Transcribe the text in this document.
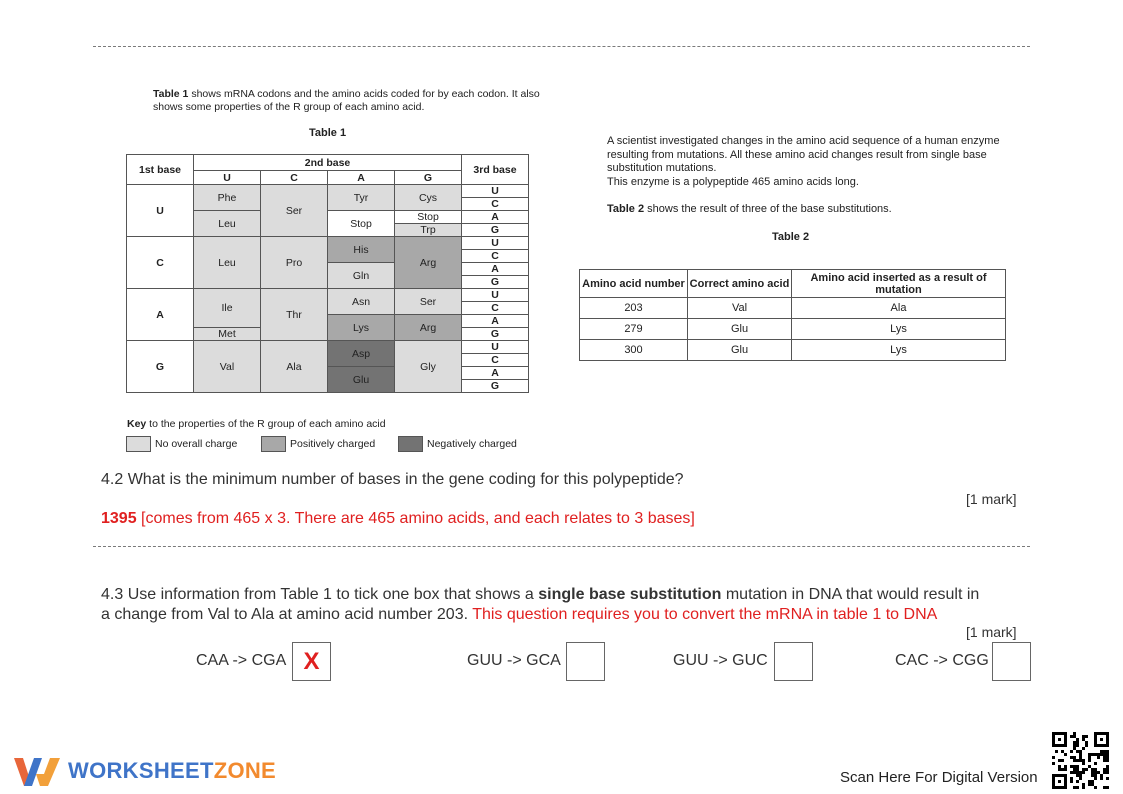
Table 1 shows mRNA codons and the amino acids coded for by each codon. It also
shows some properties of the R group of each amino acid.
Table 1
1st base	2nd base				3rd base
	U	C	A	G	
U	Phe	Ser	Tyr	Cys	U
					C
	Leu		Stop	Stop	A
				Trp	G
C	Leu	Pro	His	Arg	U
					C
			Gln		A
					G
A	Ile	Thr	Asn	Ser	U
					C
			Lys	Arg	A
	Met				G
G	Val	Ala	Asp	Gly	U
					C
			Glu		A
					G
Key to the properties of the R group of each amino acid
No overall charge	Positively charged	Negatively charged
A scientist investigated changes in the amino acid sequence of a human enzyme resulting from mutations. All these amino acid changes result from single base substitution mutations.
This enzyme is a polypeptide 465 amino acids long.
Table 2 shows the result of three of the base substitutions.
Table 2
Amino acid number	Correct amino acid	Amino acid inserted as a result of mutation
203	Val	Ala
279	Glu	Lys
300	Glu	Lys
4.2 What is the minimum number of bases in the gene coding for this polypeptide?
[1 mark]
1395 [comes from 465 x 3. There are 465 amino acids, and each relates to 3 bases]
4.3 Use information from Table 1 to tick one box that shows a single base substitution mutation in DNA that would result in
a change from Val to Ala at amino acid number 203. This question requires you to convert the mRNA in table 1 to DNA
[1 mark]
CAA -> CGA X	GUU -> GCA	GUU -> GUC	CAC -> CGG
WORKSHEETZONE	Scan Here For Digital Version
